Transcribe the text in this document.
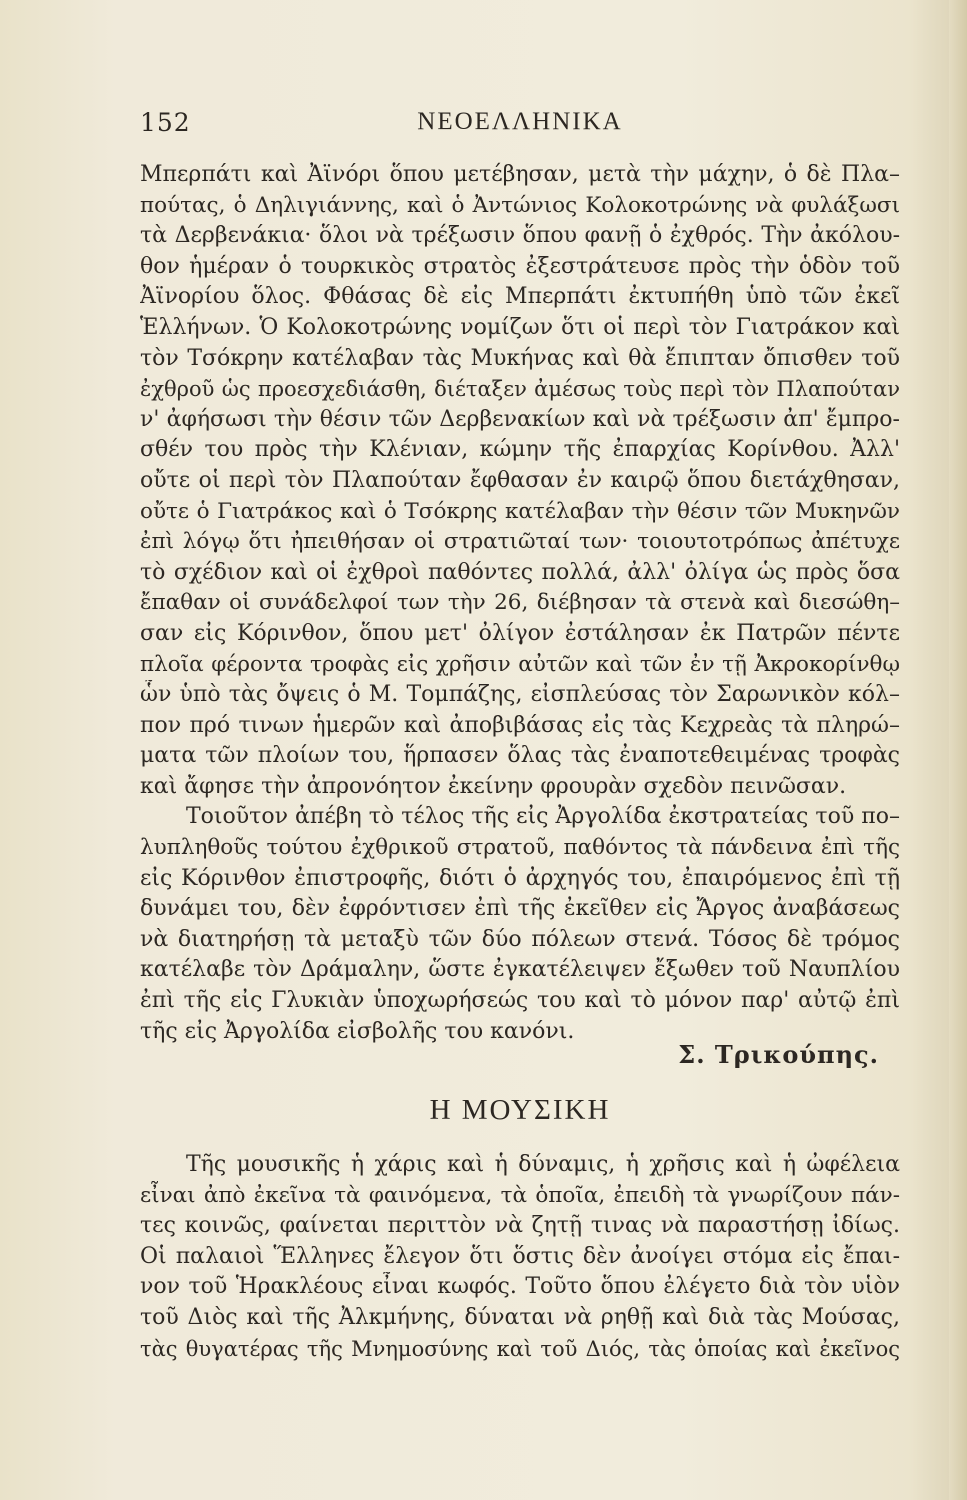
152	ΝΕΟΕΛΛΗΝΙΚΑ
Μπερπάτι καὶ Ἀϊνόρι ὅπου μετέβησαν, μετὰ τὴν μάχην, ὁ δὲ Πλα–
πούτας, ὁ Δηλιγιάννης, καὶ ὁ Ἀντώνιος Κολοκοτρώνης νὰ φυλάξωσι
τὰ Δερβενάκια· ὅλοι νὰ τρέξωσιν ὅπου φανῇ ὁ ἐχθρός. Τὴν ἀκόλου-
θον ἡμέραν ὁ τουρκικὸς στρατὸς ἐξεστράτευσε πρὸς τὴν ὁδὸν τοῦ
Ἀϊνορίου ὅλος. Φθάσας δὲ εἰς Μπερπάτι ἐκτυπήθη ὑπὸ τῶν ἐκεῖ
Ἑλλήνων. Ὁ Κολοκοτρώνης νομίζων ὅτι οἱ περὶ τὸν Γιατράκον καὶ
τὸν Τσόκρην κατέλαβαν τὰς Μυκήνας καὶ θὰ ἔπιπταν ὄπισθεν τοῦ
ἐχθροῦ ὡς προεσχεδιάσθη, διέταξεν ἀμέσως τοὺς περὶ τὸν Πλαπούταν
ν' ἀφήσωσι τὴν θέσιν τῶν Δερβενακίων καὶ νὰ τρέξωσιν ἀπ' ἔμπρο-
σθέν του πρὸς τὴν Κλένιαν, κώμην τῆς ἐπαρχίας Κορίνθου. Ἀλλ'
οὔτε οἱ περὶ τὸν Πλαπούταν ἔφθασαν ἐν καιρῷ ὅπου διετάχθησαν,
οὔτε ὁ Γιατράκος καὶ ὁ Τσόκρης κατέλαβαν τὴν θέσιν τῶν Μυκηνῶν
ἐπὶ λόγῳ ὅτι ἠπειθήσαν οἱ στρατιῶταί των· τοιουτοτρόπως ἀπέτυχε
τὸ σχέδιον καὶ οἱ ἐχθροὶ παθόντες πολλά, ἀλλ' ὀλίγα ὡς πρὸς ὅσα
ἔπαθαν οἱ συνάδελφοί των τὴν 26, διέβησαν τὰ στενὰ καὶ διεσώθη–
σαν εἰς Κόρινθον, ὅπου μετ' ὀλίγον ἐστάλησαν ἐκ Πατρῶν πέντε
πλοῖα φέροντα τροφὰς εἰς χρῆσιν αὐτῶν καὶ τῶν ἐν τῇ Ἀκροκορίνθῳ
ὧν ὑπὸ τὰς ὄψεις ὁ Μ. Τομπάζης, εἰσπλεύσας τὸν Σαρωνικὸν κόλ–
πον πρό τινων ἡμερῶν καὶ ἀποβιβάσας εἰς τὰς Κεχρεὰς τὰ πληρώ–
ματα τῶν πλοίων του, ἥρπασεν ὅλας τὰς ἐναποτεθειμένας τροφὰς
καὶ ἄφησε τὴν ἀπρονόητον ἐκείνην φρουρὰν σχεδὸν πεινῶσαν.
Τοιοῦτον ἀπέβη τὸ τέλος τῆς εἰς Ἀργολίδα ἐκστρατείας τοῦ πο–
λυπληθοῦς τούτου ἐχθρικοῦ στρατοῦ, παθόντος τὰ πάνδεινα ἐπὶ τῆς
εἰς Κόρινθον ἐπιστροφῆς, διότι ὁ ἀρχηγός του, ἐπαιρόμενος ἐπὶ τῇ
δυνάμει του, δὲν ἐφρόντισεν ἐπὶ τῆς ἐκεῖθεν εἰς Ἄργος ἀναβάσεως
νὰ διατηρήσῃ τὰ μεταξὺ τῶν δύο πόλεων στενά. Τόσος δὲ τρόμος
κατέλαβε τὸν Δράμαλην, ὥστε ἐγκατέλειψεν ἔξωθεν τοῦ Ναυπλίου
ἐπὶ τῆς εἰς Γλυκιὰν ὑποχωρήσεώς του καὶ τὸ μόνον παρ' αὐτῷ ἐπὶ
τῆς εἰς Ἀργολίδα εἰσβολῆς του κανόνι.
Σ. Τρικούπης.
Η ΜΟΥΣΙΚΗ
Τῆς μουσικῆς ἡ χάρις καὶ ἡ δύναμις, ἡ χρῆσις καὶ ἡ ὠφέλεια
εἶναι ἀπὸ ἐκεῖνα τὰ φαινόμενα, τὰ ὁποῖα, ἐπειδὴ τὰ γνωρίζουν πάν-
τες κοινῶς, φαίνεται περιττὸν νὰ ζητῇ τινας νὰ παραστήσῃ ἰδίως.
Οἱ παλαιοὶ Ἕλληνες ἔλεγον ὅτι ὅστις δὲν ἀνοίγει στόμα εἰς ἔπαι-
νον τοῦ Ἡρακλέους εἶναι κωφός. Τοῦτο ὅπου ἐλέγετο διὰ τὸν υἱὸν
τοῦ Διὸς καὶ τῆς Ἀλκμήνης, δύναται νὰ ρηθῇ καὶ διὰ τὰς Μούσας,
τὰς θυγατέρας τῆς Μνημοσύνης καὶ τοῦ Διός, τὰς ὁποίας καὶ ἐκεῖνος
